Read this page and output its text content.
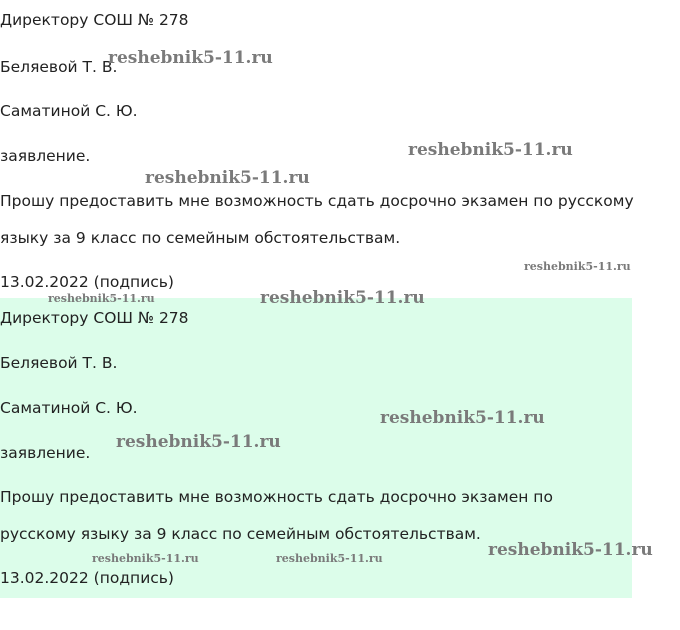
Директору СОШ № 278

Беляевой Т. В.

Саматиной С. Ю.

заявление.

Прошу предоставить мне возможность сдать досрочно экзамен по русскому

языку за 9 класс по семейным обстоятельствам.

13.02.2022 (подпись)

Директору СОШ № 278

Беляевой Т. В.

Саматиной С. Ю.

заявление.

Прошу предоставить мне возможность сдать досрочно экзамен по

русскому языку за 9 класс по семейным обстоятельствам.

13.02.2022 (подпись)

reshebnik5-11.ru
reshebnik5-11.ru
reshebnik5-11.ru
reshebnik5-11.ru
reshebnik5-11.ru	reshebnik5-11.ru
reshebnik5-11.ru
reshebnik5-11.ru
reshebnik5-11.ru
reshebnik5-11.ru	reshebnik5-11.ru
